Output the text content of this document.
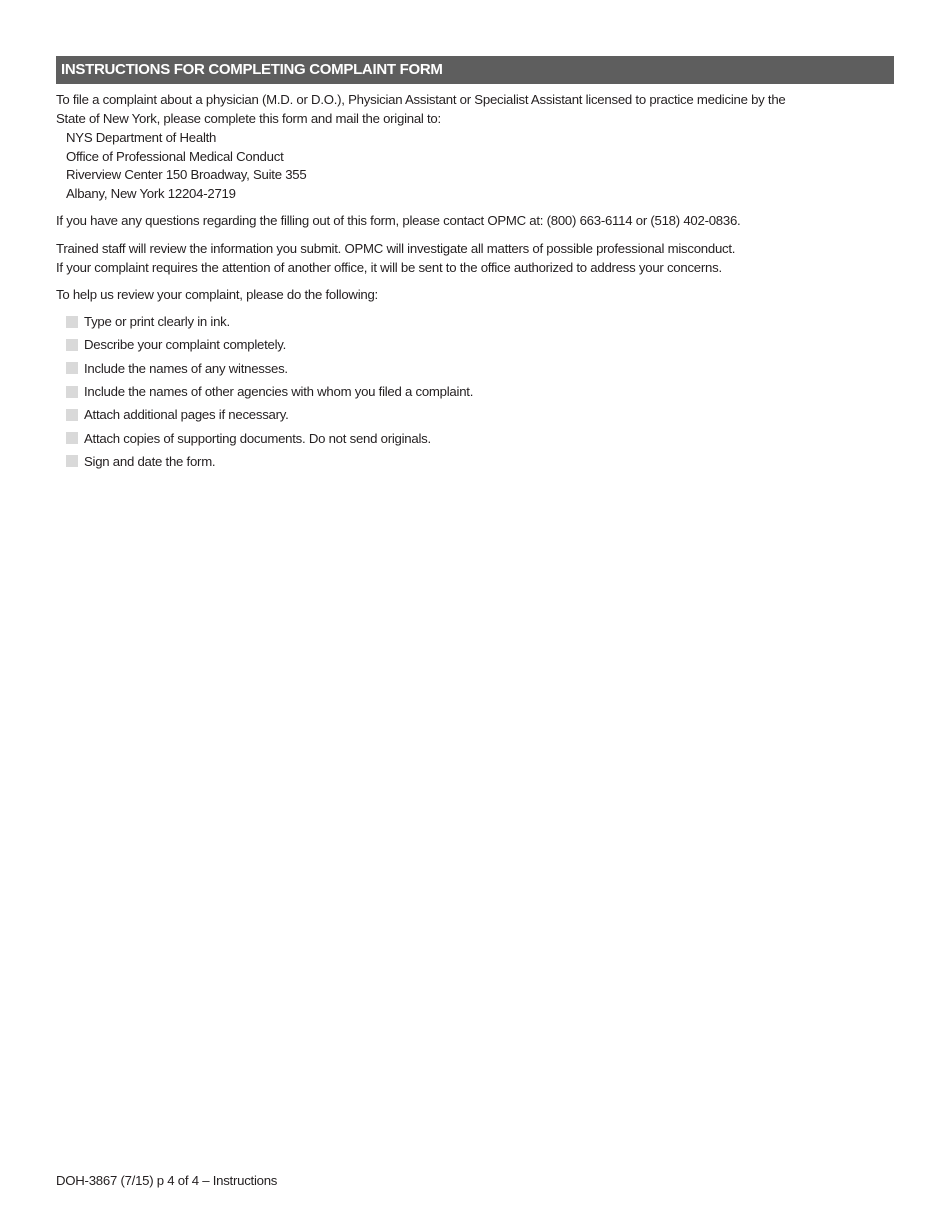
INSTRUCTIONS FOR COMPLETING COMPLAINT FORM
To file a complaint about a physician (M.D. or D.O.), Physician Assistant or Specialist Assistant licensed to practice medicine by the
State of New York, please complete this form and mail the original to:
NYS Department of Health
Office of Professional Medical Conduct
Riverview Center 150 Broadway, Suite 355
Albany, New York 12204-2719
If you have any questions regarding the filling out of this form, please contact OPMC at: (800) 663-6114 or (518) 402-0836.
Trained staff will review the information you submit. OPMC will investigate all matters of possible professional misconduct.
If your complaint requires the attention of another office, it will be sent to the office authorized to address your concerns.
To help us review your complaint, please do the following:
Type or print clearly in ink.
Describe your complaint completely.
Include the names of any witnesses.
Include the names of other agencies with whom you filed a complaint.
Attach additional pages if necessary.
Attach copies of supporting documents. Do not send originals.
Sign and date the form.
DOH-3867 (7/15) p 4 of 4 – Instructions
